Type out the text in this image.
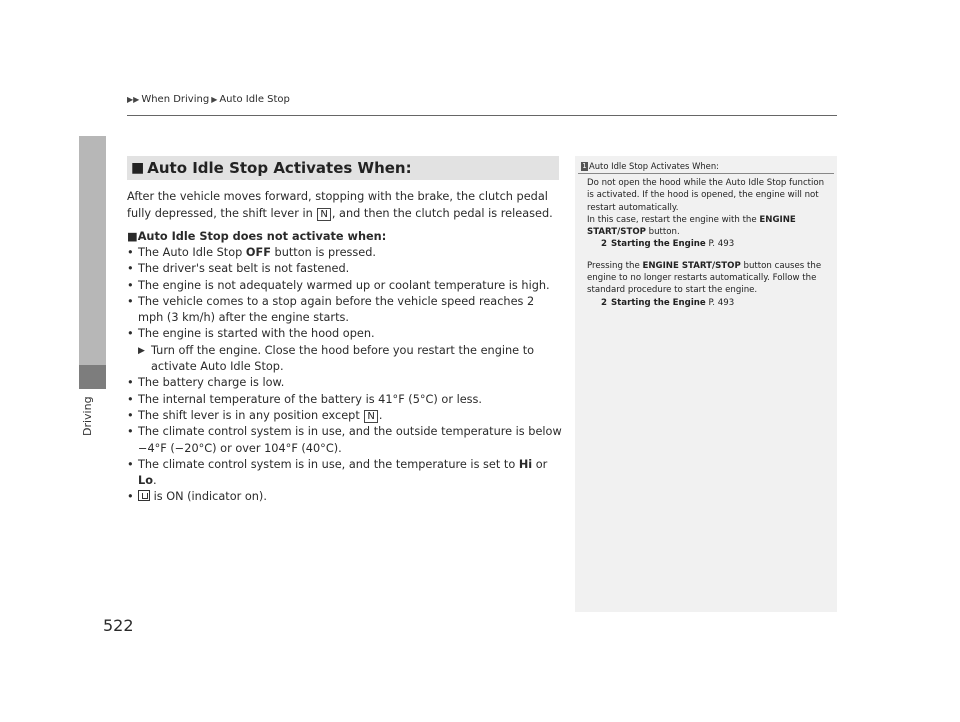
Driving
▶▶ When Driving ▶ Auto Idle Stop
■ Auto Idle Stop Activates When:
After the vehicle moves forward, stopping with the brake, the clutch pedal fully depressed, the shift lever in N , and then the clutch pedal is released.
■Auto Idle Stop does not activate when:
• The Auto Idle Stop OFF button is pressed.
• The driver's seat belt is not fastened.
• The engine is not adequately warmed up or coolant temperature is high.
• The vehicle comes to a stop again before the vehicle speed reaches 2 mph (3 km/h) after the engine starts.
• The engine is started with the hood open.
▶ Turn off the engine. Close the hood before you restart the engine to activate Auto Idle Stop.
• The battery charge is low.
• The internal temperature of the battery is 41°F (5°C) or less.
• The shift lever is in any position except N .
• The climate control system is in use, and the outside temperature is below −4°F (−20°C) or over 104°F (40°C).
• The climate control system is in use, and the temperature is set to Hi or Lo.
• is ON (indicator on).
522
1 Auto Idle Stop Activates When:

Do not open the hood while the Auto Idle Stop function is activated. If the hood is opened, the engine will not restart automatically.

In this case, restart the engine with the ENGINE START/STOP button.

2 Starting the Engine P. 493

Pressing the ENGINE START/STOP button causes the engine to no longer restarts automatically. Follow the standard procedure to start the engine.

2 Starting the Engine P. 493
